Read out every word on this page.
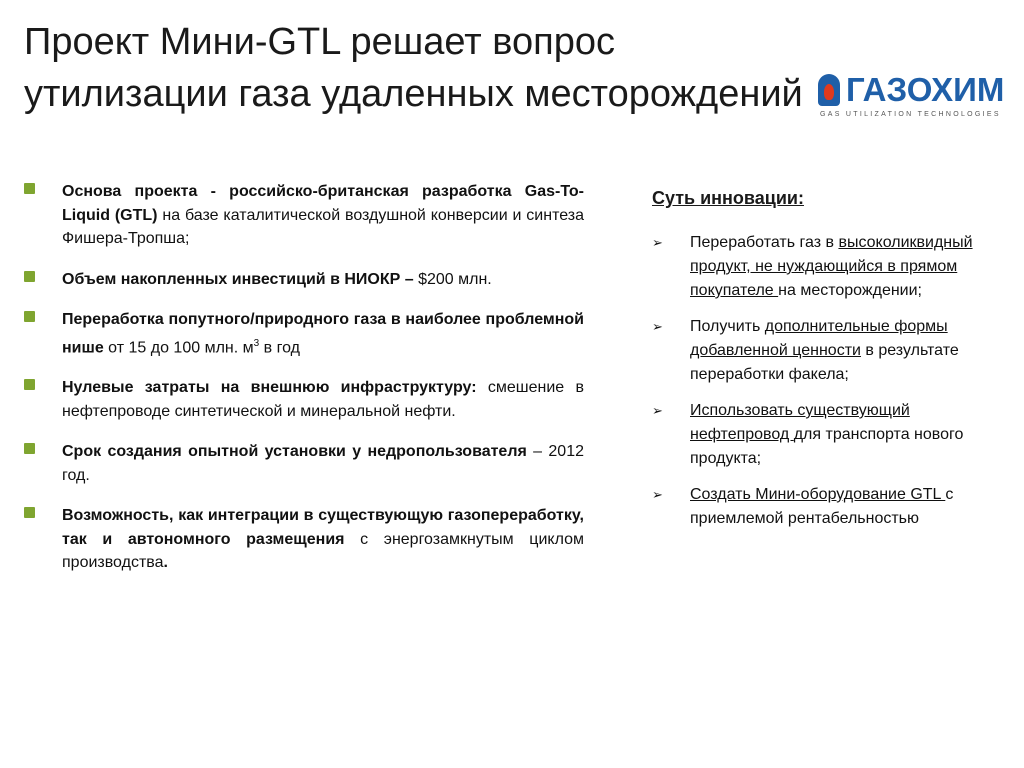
Проект Мини-GTL решает вопрос утилизации газа удаленных месторождений ГАЗОХИМ
GAS UTILIZATION TECHNOLOGIES
Основа проекта - российско-британская разработка Gas-To-Liquid (GTL) на базе каталитической воздушной конверсии и синтеза Фишера-Тропша;
Объем накопленных инвестиций в НИОКР – $200 млн.
Переработка попутного/природного газа в наиболее проблемной нише от 15 до 100 млн. $м^3$ в год
Нулевые затраты на внешнюю инфраструктуру: смешение в нефтепроводе синтетической и минеральной нефти.
Срок создания опытной установки у недропользователя – 2012 год.
Возможность, как интеграции в существующую газопереработку, так и автономного размещения с энергозамкнутым циклом производства.
Суть инновации:
➢ Переработать газ в высоколиквидный продукт, не нуждающийся в прямом покупателе на месторождении;
➢ Получить дополнительные формы добавленной ценности в результате переработки факела;
➢ Использовать существующий нефтепровод для транспорта нового продукта;
➢ Создать Мини-оборудование GTL с приемлемой рентабельностью
